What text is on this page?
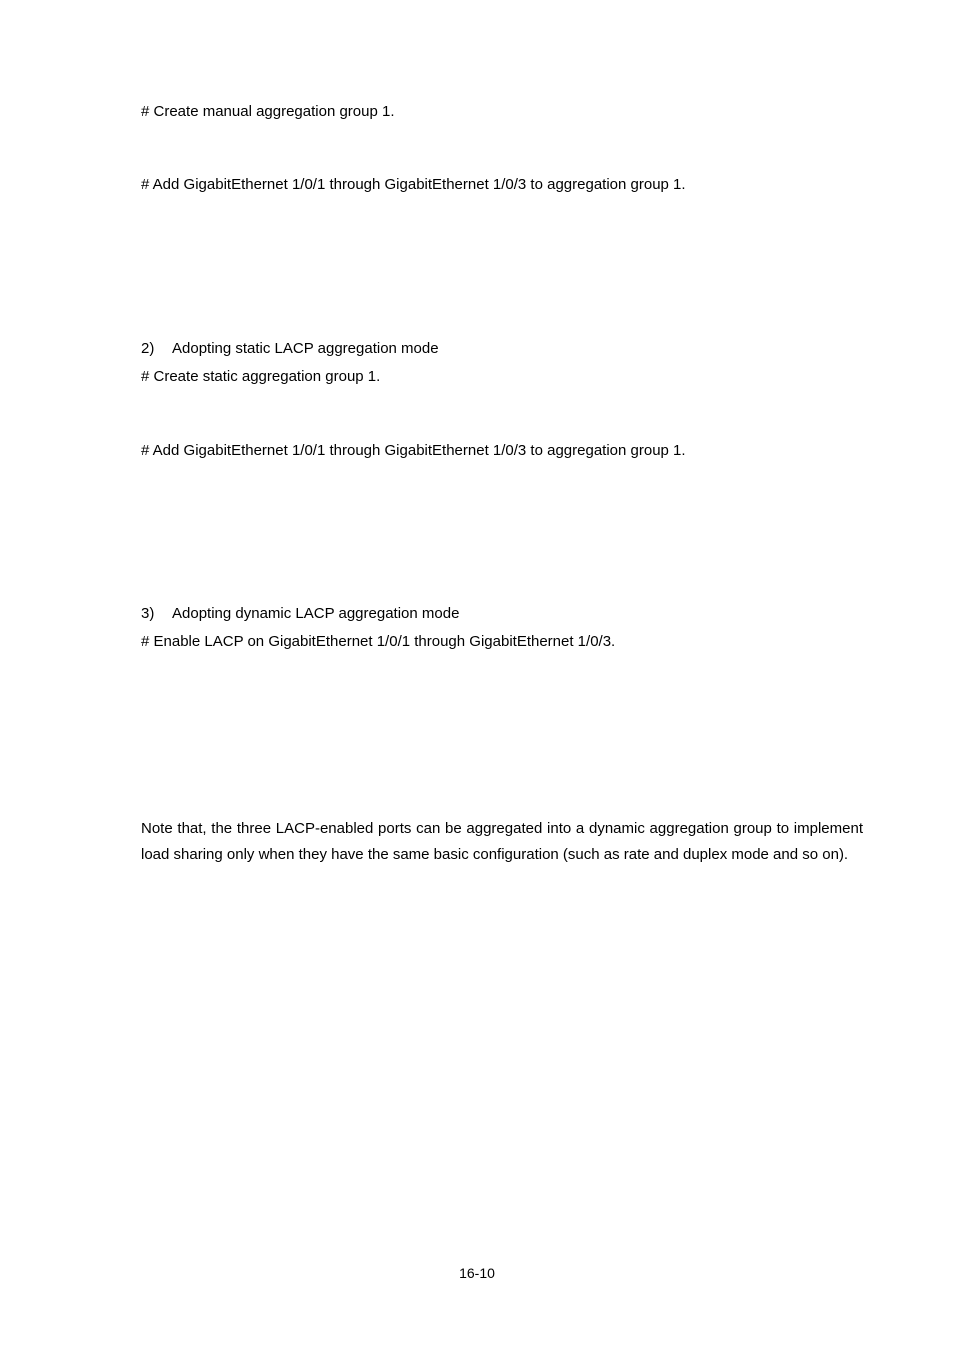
# Create manual aggregation group 1.
# Add GigabitEthernet 1/0/1 through GigabitEthernet 1/0/3 to aggregation group 1.
2) Adopting static LACP aggregation mode
# Create static aggregation group 1.
# Add GigabitEthernet 1/0/1 through GigabitEthernet 1/0/3 to aggregation group 1.
3) Adopting dynamic LACP aggregation mode
# Enable LACP on GigabitEthernet 1/0/1 through GigabitEthernet 1/0/3.
Note that, the three LACP-enabled ports can be aggregated into a dynamic aggregation group to implement load sharing only when they have the same basic configuration (such as rate and duplex mode and so on).
16-10
